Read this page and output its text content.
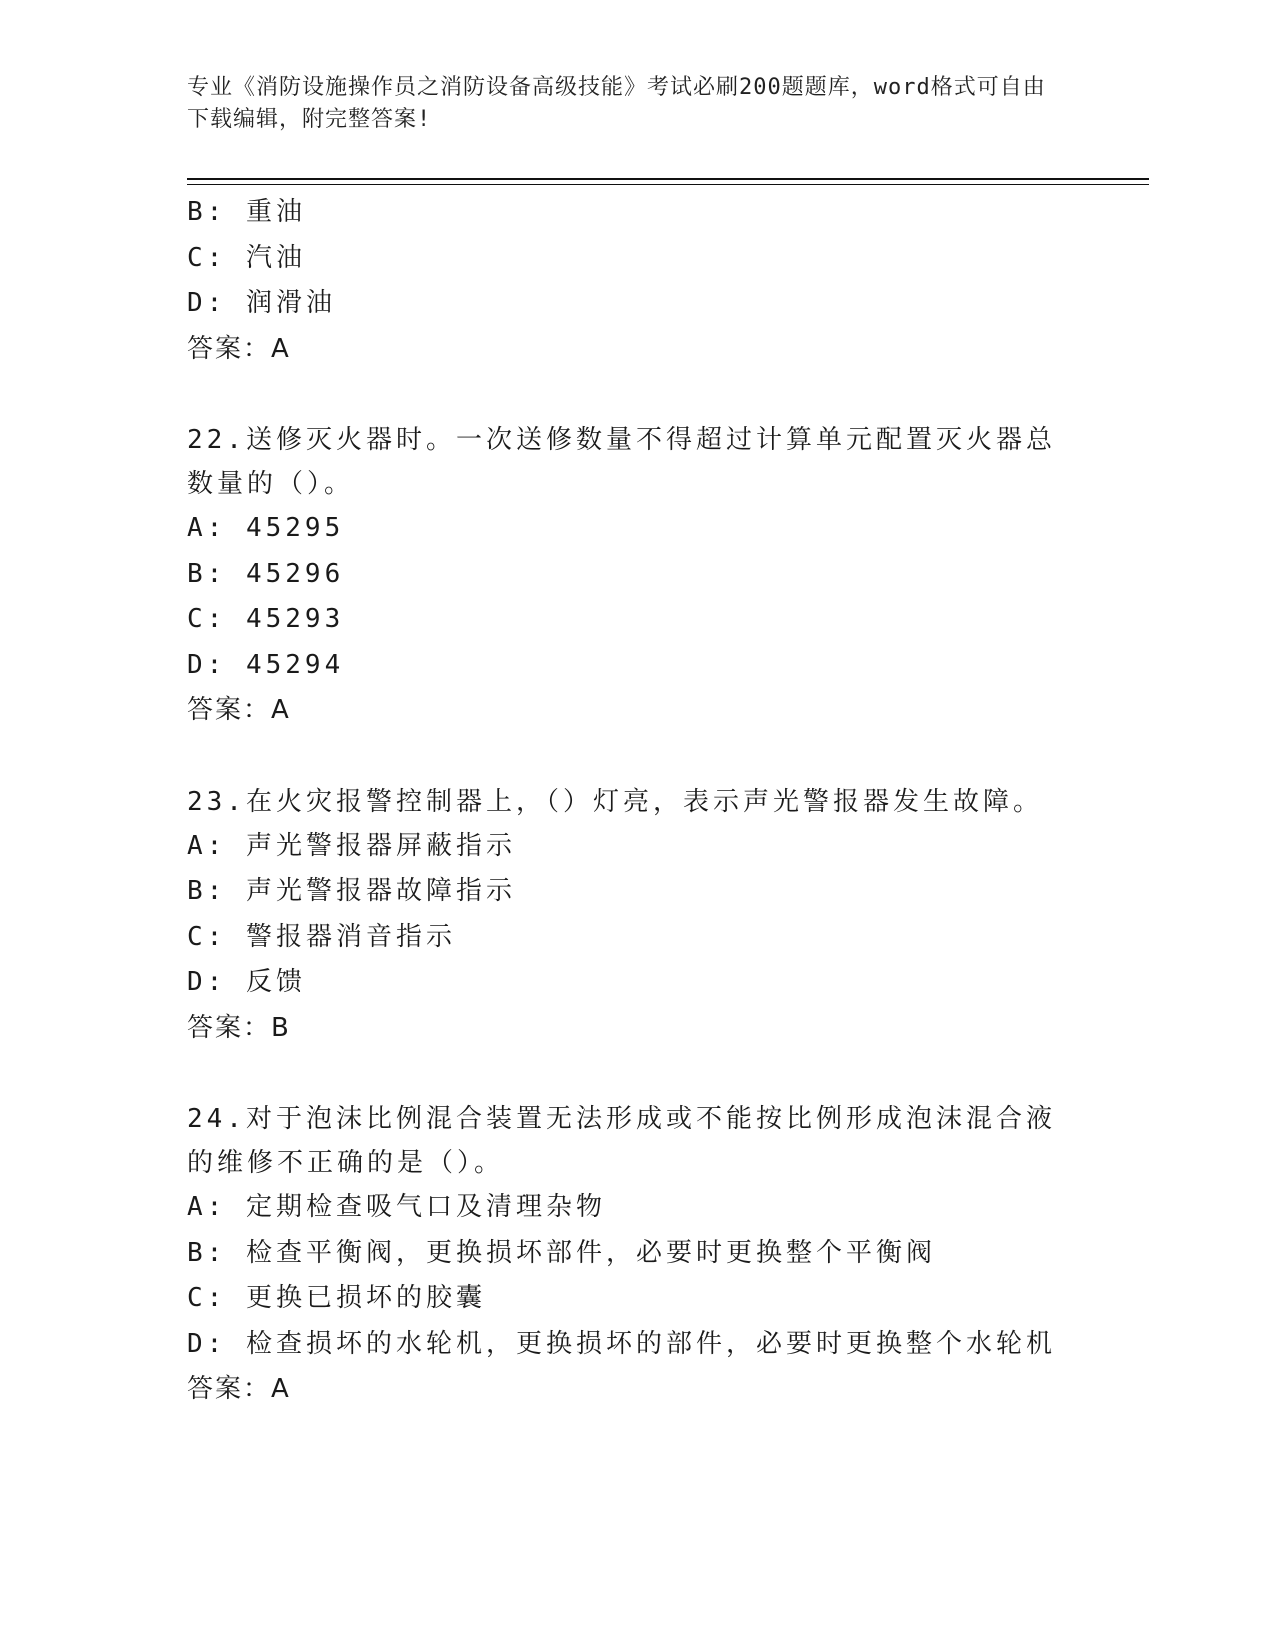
专业《消防设施操作员之消防设备高级技能》考试必刷200题题库，word格式可自由下载编辑，附完整答案!
B: 重油
C: 汽油
D: 润滑油
答案：A
22.送修灭火器时。一次送修数量不得超过计算单元配置灭火器总数量的（）。
A: 45295
B: 45296
C: 45293
D: 45294
答案：A
23.在火灾报警控制器上，（）灯亮，表示声光警报器发生故障。
A: 声光警报器屏蔽指示
B: 声光警报器故障指示
C: 警报器消音指示
D: 反馈
答案：B
24.对于泡沫比例混合装置无法形成或不能按比例形成泡沫混合液的维修不正确的是（）。
A: 定期检查吸气口及清理杂物
B: 检查平衡阀，更换损坏部件，必要时更换整个平衡阀
C: 更换已损坏的胶囊
D: 检查损坏的水轮机，更换损坏的部件，必要时更换整个水轮机
答案：A
